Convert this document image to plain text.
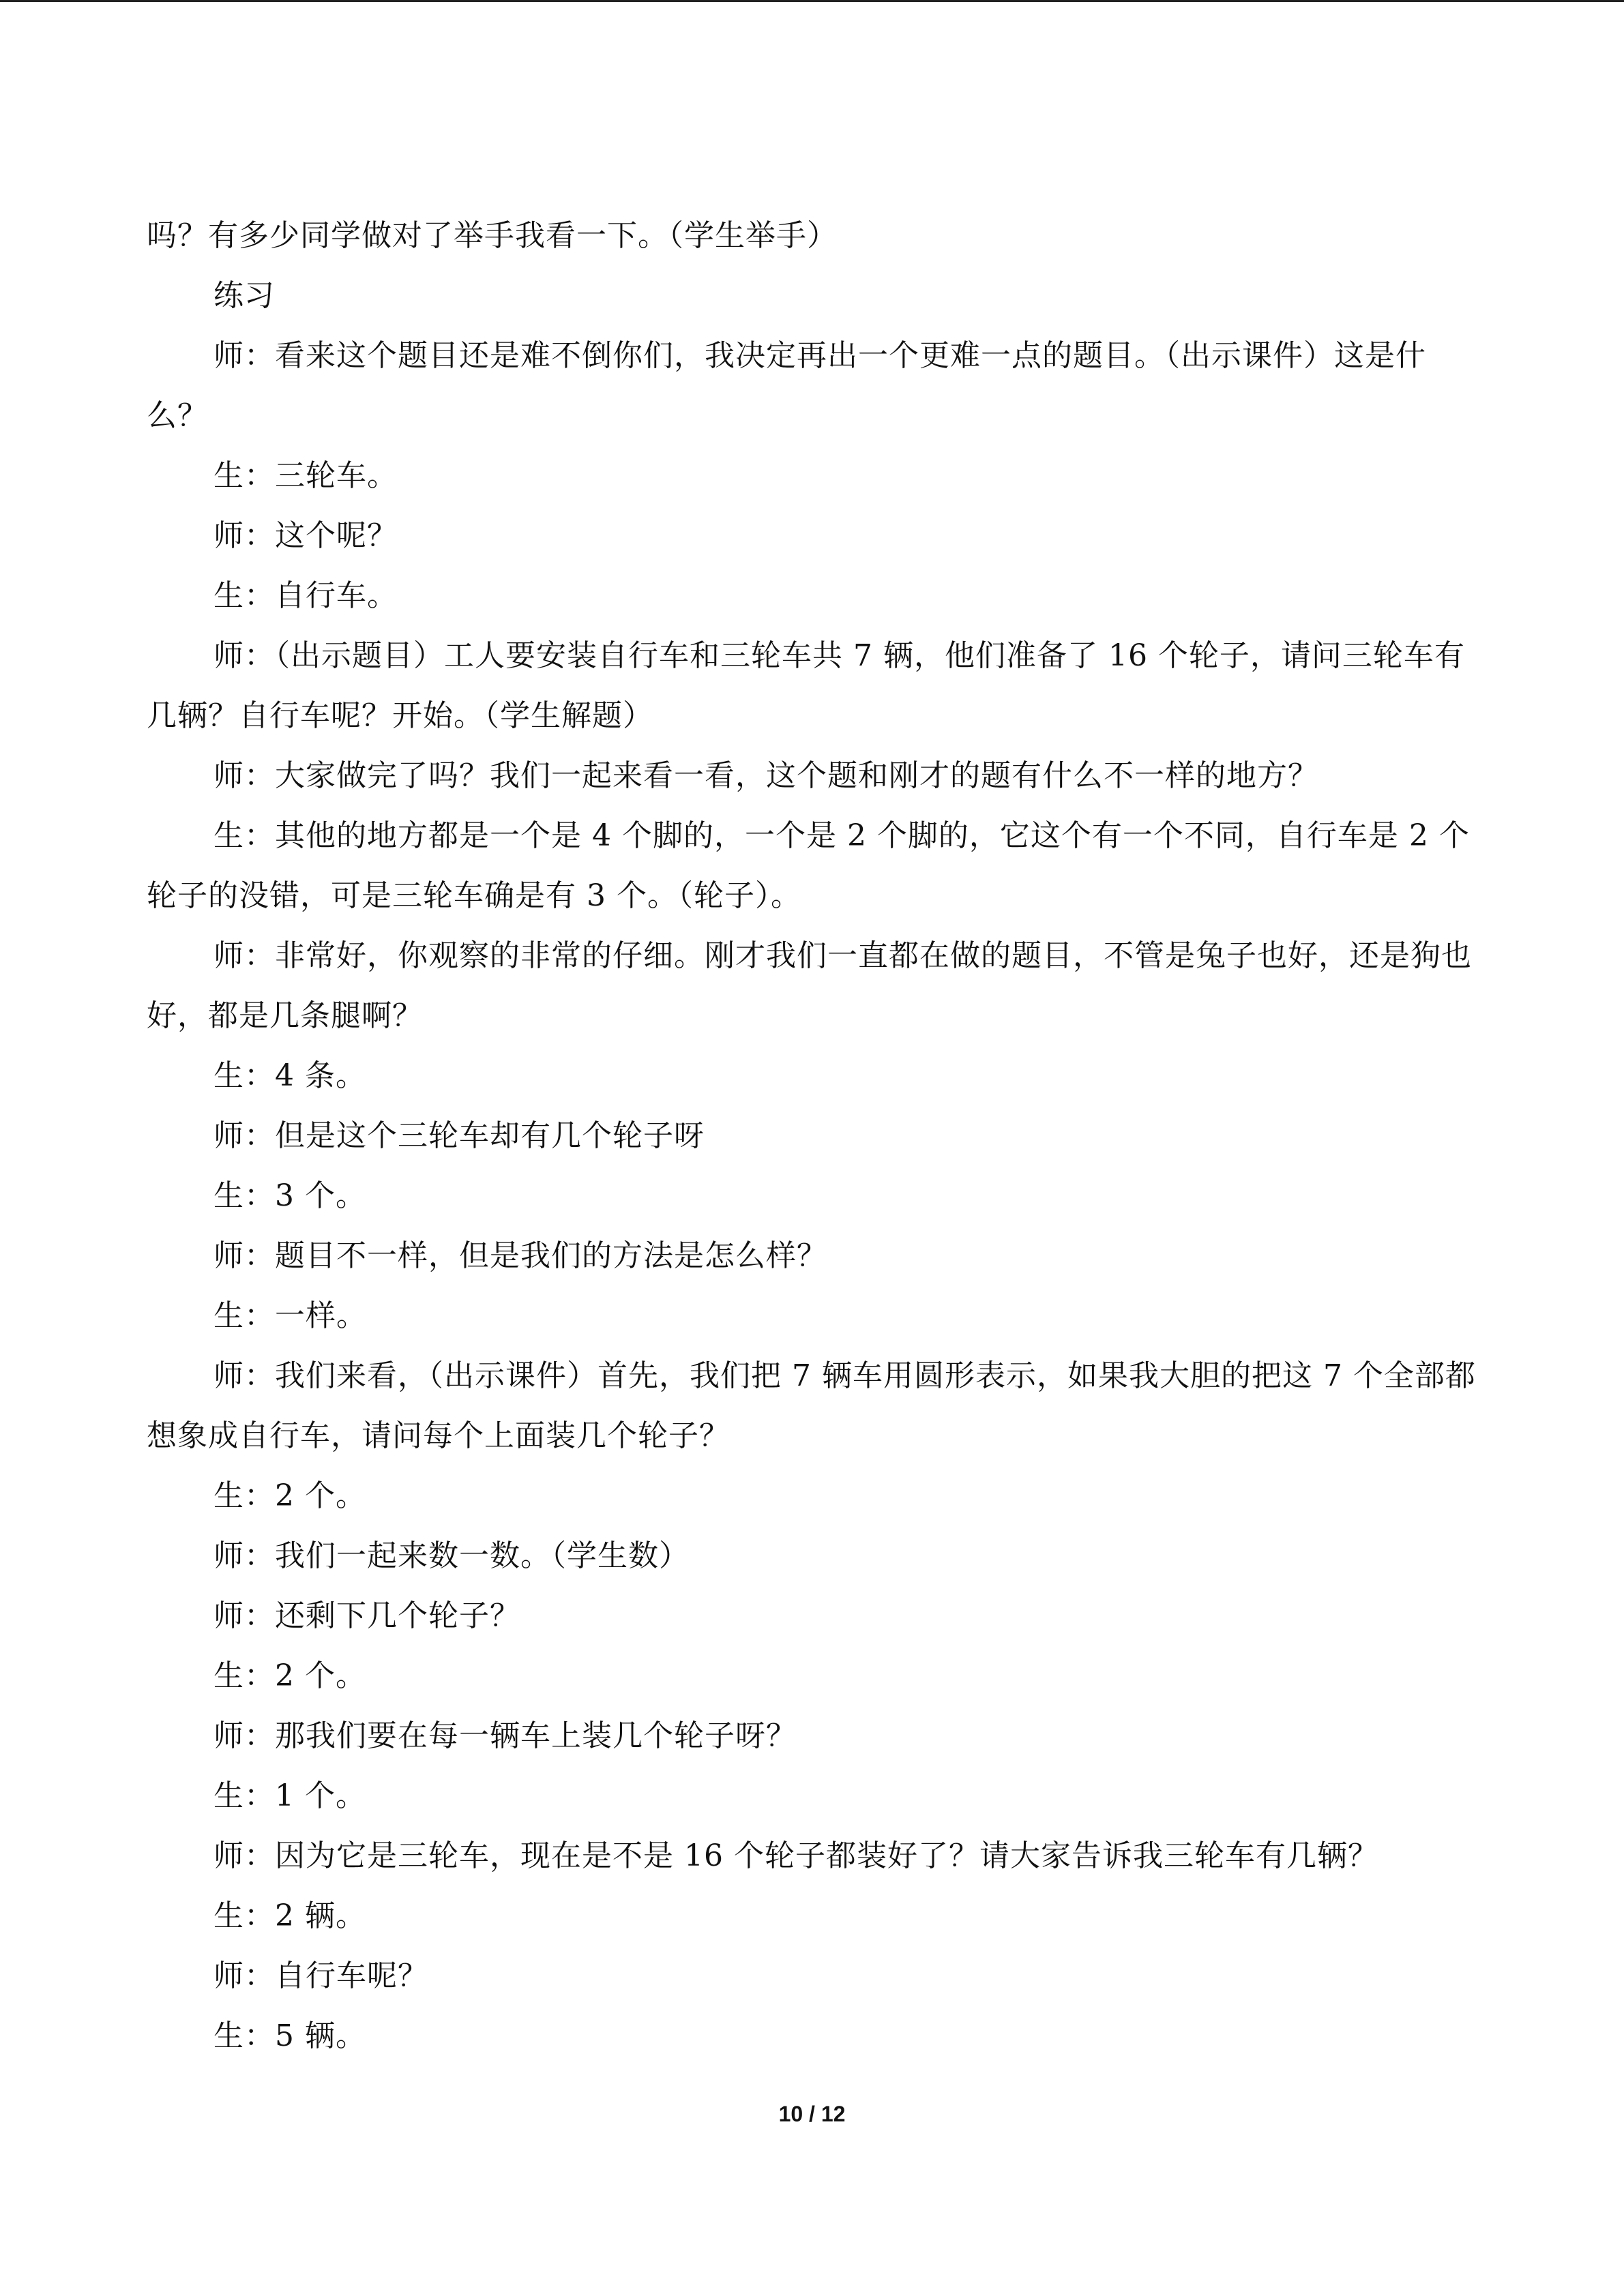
吗？有多少同学做对了举手我看一下。（学生举手）

练习

师：看来这个题目还是难不倒你们，我决定再出一个更难一点的题目。（出示课件）这是什么？

生：三轮车。

师：这个呢？

生：自行车。

师：（出示题目）工人要安装自行车和三轮车共 7 辆，他们准备了 16 个轮子，请问三轮车有几辆？自行车呢？开始。（学生解题）

师：大家做完了吗？我们一起来看一看，这个题和刚才的题有什么不一样的地方？

生：其他的地方都是一个是 4 个脚的，一个是 2 个脚的，它这个有一个不同，自行车是 2 个轮子的没错，可是三轮车确是有 3 个。（轮子）。

师：非常好，你观察的非常的仔细。刚才我们一直都在做的题目，不管是兔子也好，还是狗也好，都是几条腿啊？

生：4 条。

师：但是这个三轮车却有几个轮子呀

生：3 个。

师：题目不一样，但是我们的方法是怎么样？

生：一样。

师：我们来看，（出示课件）首先，我们把 7 辆车用圆形表示，如果我大胆的把这 7 个全部都想象成自行车，请问每个上面装几个轮子？

生：2 个。

师：我们一起来数一数。（学生数）

师：还剩下几个轮子？

生：2 个。

师：那我们要在每一辆车上装几个轮子呀？

生：1 个。

师：因为它是三轮车，现在是不是 16 个轮子都装好了？请大家告诉我三轮车有几辆？

生：2 辆。

师：自行车呢？

生：5 辆。

10 / 12
